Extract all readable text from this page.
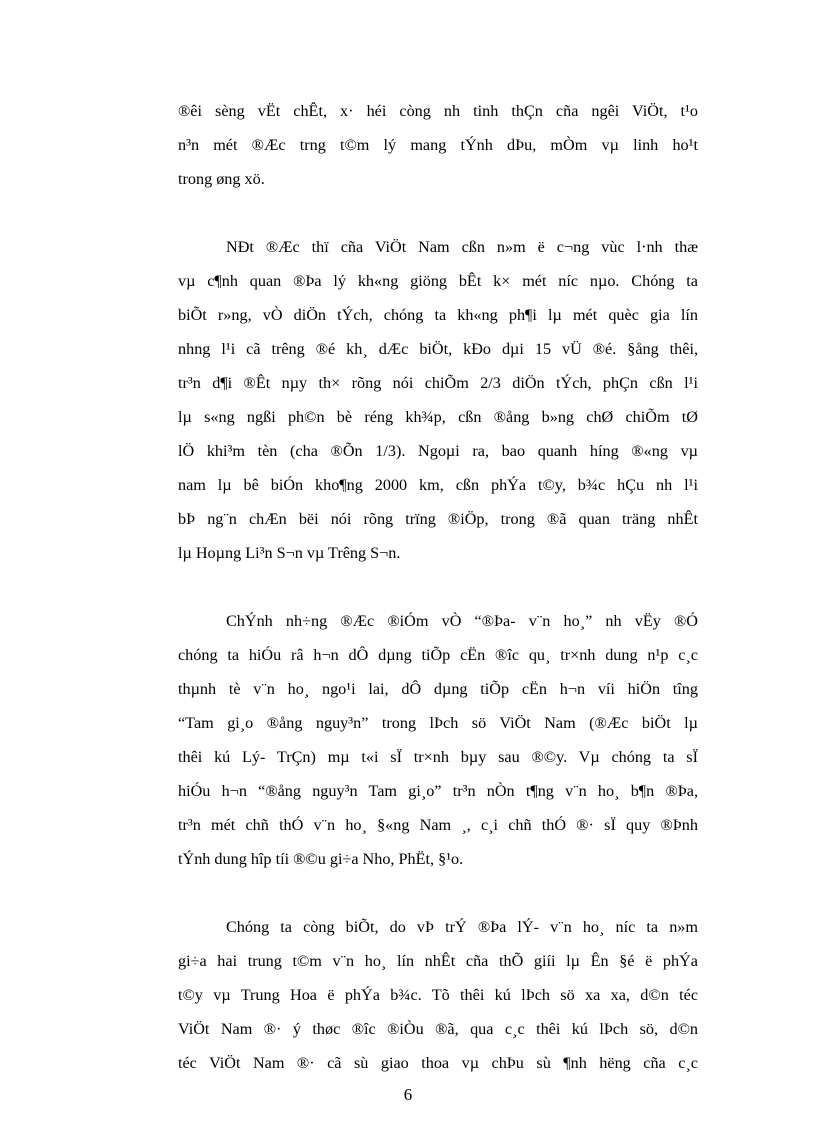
®êi sèng vËt chÊt, x· héi còng nh tinh thÇn cña ngêi ViÖt, t¹o
n³n mét ®Æc trng t©m lý mang tÝnh dÞu, mÒm vµ linh ho¹t
trong øng xö.
NÐt ®Æc thï cña ViÖt Nam cßn n»m ë c¬ng vùc l·nh thæ
vµ c¶nh quan ®Þa lý kh«ng giöng bÊt k× mét níc nµo. Chóng ta
biÕt r»ng, vÒ diÖn tÝch, chóng ta kh«ng ph¶i lµ mét quèc gia lín
nhng l¹i cã trêng ®é kh¸ dÆc biÖt, kÐo dµi 15 vÜ ®é. §ång thêi,
tr³n d¶i ®Êt nµy th× rõng nói chiÕm 2/3 diÖn tÝch, phÇn cßn l¹i
lµ s«ng ngßi ph©n bè réng kh¾p, cßn ®ång b»ng chØ chiÕm tØ
lÖ khi³m tèn (cha ®Õn 1/3). Ngoµi ra, bao quanh híng ®«ng vµ
nam lµ bê biÓn kho¶ng 2000 km, cßn phÝa t©y, b¾c hÇu nh l¹i
bÞ ng¨n chÆn bëi nói rõng trïng ®iÖp, trong ®ã quan träng nhÊt
lµ Hoµng Li³n S¬n vµ Trêng S¬n.
ChÝnh nh÷ng ®Æc ®iÓm vÒ “®Þa- v¨n ho¸” nh vËy ®Ó
chóng ta hiÓu râ h¬n dÔ dµng tiÕp cËn ®îc qu¸ tr×nh dung n¹p c¸c
thµnh tè v¨n ho¸ ngo¹i lai, dÔ dµng tiÕp cËn h¬n víi hiÖn tîng
“Tam gi¸o ®ång nguy³n” trong lÞch sö ViÖt Nam (®Æc biÖt lµ
thêi kú Lý- TrÇn) mµ t«i sÏ tr×nh bµy sau ®©y. Vµ chóng ta sÏ
hiÓu h¬n “®ång nguy³n Tam gi¸o” tr³n nÒn t¶ng v¨n ho¸ b¶n ®Þa,
tr³n mét chñ thÓ v¨n ho¸ §«ng Nam ¸, c¸i chñ thÓ ®· sÏ quy ®Þnh
tÝnh dung hîp tíi ®©u gi÷a Nho, PhËt, §¹o.
Chóng ta còng biÕt, do vÞ trÝ ®Þa lÝ- v¨n ho¸ níc ta n»m
gi÷a hai trung t©m v¨n ho¸ lín nhÊt cña thÕ giíi lµ Ên §é ë phÝa
t©y vµ Trung Hoa ë phÝa b¾c. Tõ thêi kú lÞch sö xa xa, d©n téc
ViÖt Nam ®· ý thøc ®îc ®iÒu ®ã, qua c¸c thêi kú lÞch sö, d©n
téc ViÖt Nam ®· cã sù giao thoa vµ chÞu sù ¶nh hëng cña c¸c
6
